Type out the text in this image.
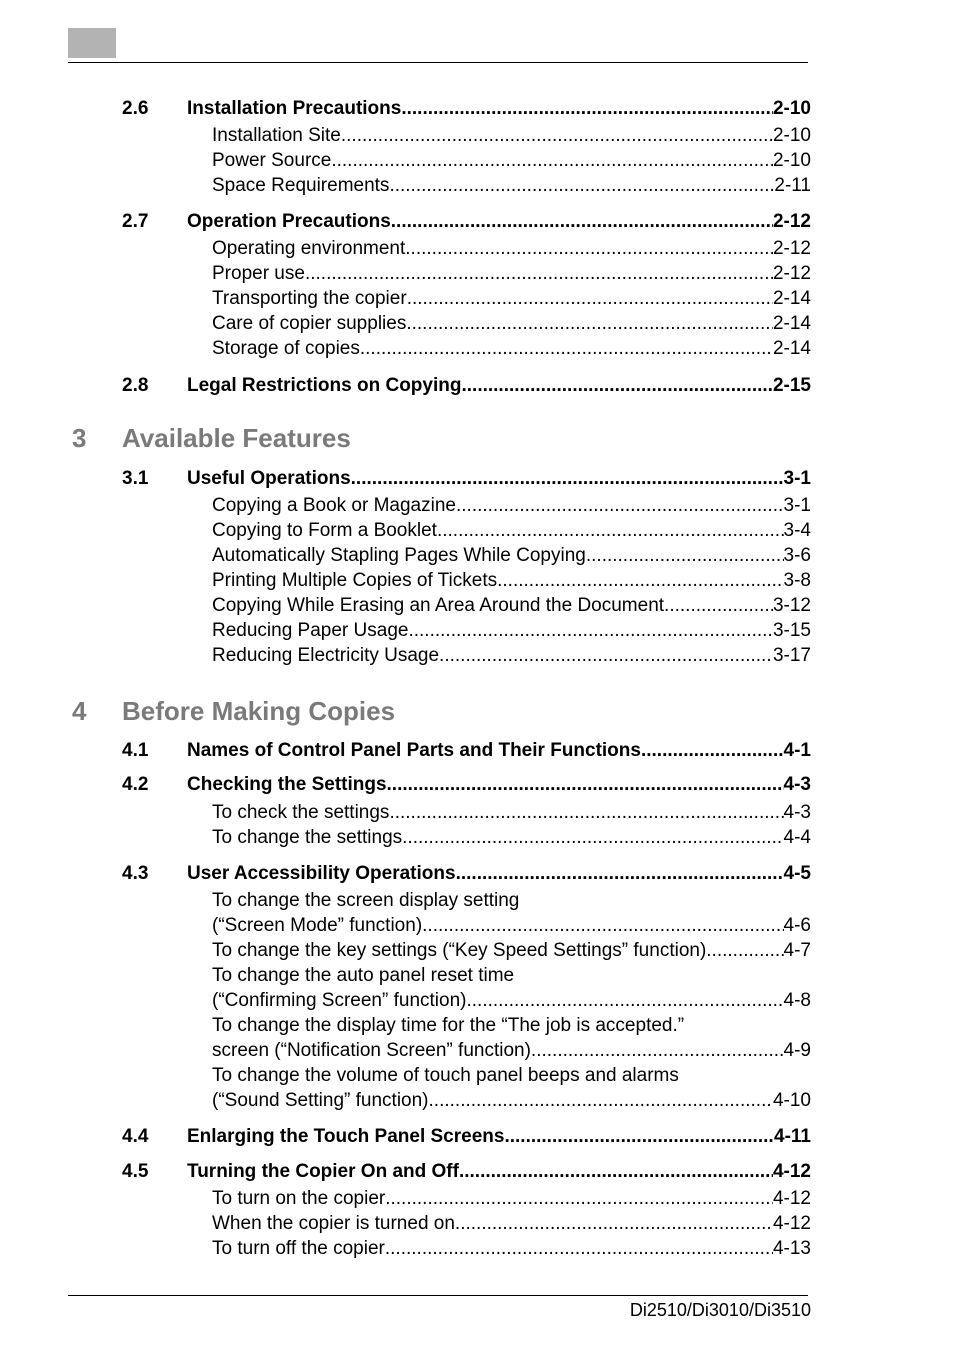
2.6 Installation Precautions .....	2-10
Installation Site .....	2-10
Power Source .....	2-10
Space Requirements .....	2-11
2.7 Operation Precautions .....	2-12
Operating environment .....	2-12
Proper use .....	2-12
Transporting the copier .....	2-14
Care of copier supplies .....	2-14
Storage of copies .....	2-14
2.8 Legal Restrictions on Copying .....	2-15
3 Available Features
3.1 Useful Operations .....	3-1
Copying a Book or Magazine .....	3-1
Copying to Form a Booklet .....	3-4
Automatically Stapling Pages While Copying .....	3-6
Printing Multiple Copies of Tickets .....	3-8
Copying While Erasing an Area Around the Document .....	3-12
Reducing Paper Usage .....	3-15
Reducing Electricity Usage .....	3-17
4 Before Making Copies
4.1 Names of Control Panel Parts and Their Functions .....	4-1
4.2 Checking the Settings .....	4-3
To check the settings .....	4-3
To change the settings .....	4-4
4.3 User Accessibility Operations .....	4-5
To change the screen display setting
(“Screen Mode” function) .....	4-6
To change the key settings (“Key Speed Settings” function) .....	4-7
To change the auto panel reset time
(“Confirming Screen” function) .....	4-8
To change the display time for the “The job is accepted.”
screen (“Notification Screen” function) .....	4-9
To change the volume of touch panel beeps and alarms
(“Sound Setting” function) .....	4-10
4.4 Enlarging the Touch Panel Screens .....	4-11
4.5 Turning the Copier On and Off .....	4-12
To turn on the copier .....	4-12
When the copier is turned on .....	4-12
To turn off the copier .....	4-13
Di2510/Di3010/Di3510
